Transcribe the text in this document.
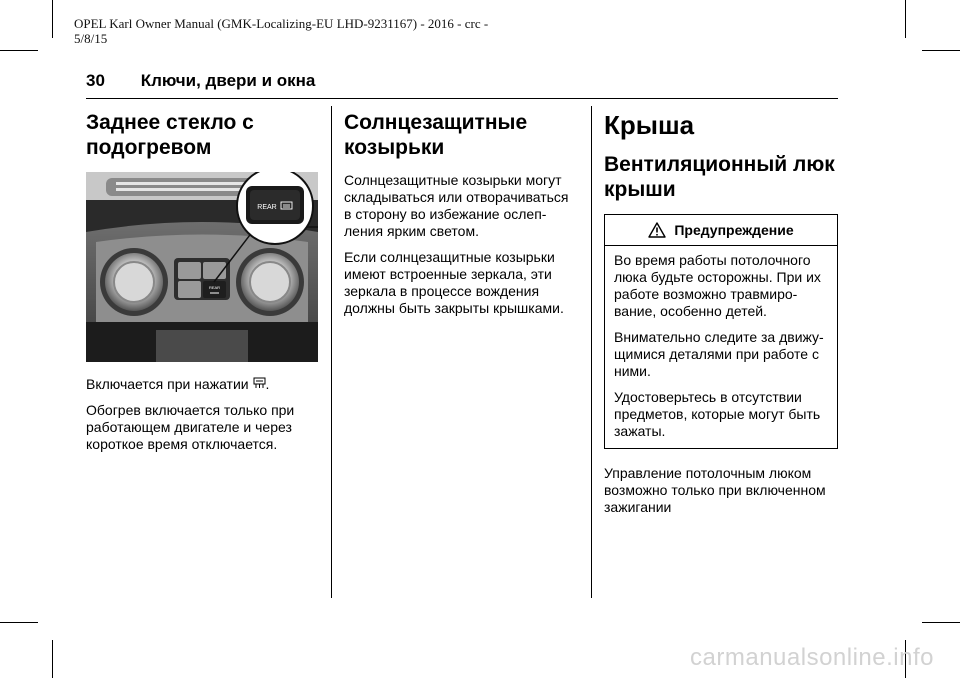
OPEL Karl Owner Manual (GMK-Localizing-EU LHD-9231167) - 2016 - crc -
5/8/15
30 Ключи, двери и окна
Заднее стекло с подогревом
REAR
REAR

Включается при нажатии .

Обогрев включается только при работающем двигателе и через короткое время отключается.

Солнцезащитные козырьки

Солнцезащитные козырьки могут складываться или отворачиваться в сторону во избежание ослеп-ления ярким светом.

Если солнцезащитные козырьки имеют встроенные зеркала, эти зеркала в процессе вождения должны быть закрыты крышками.

Крыша
Вентиляционный люк крыши
Предупреждение

Во время работы потолочного люка будьте осторожны. При их работе возможно травмиро-вание, особенно детей.

Внимательно следите за движу-щимися деталями при работе с ними.

Удостоверьтесь в отсутствии предметов, которые могут быть зажаты.

Управление потолочным люком возможно только при включенном зажигании

carmanualsonline.info
